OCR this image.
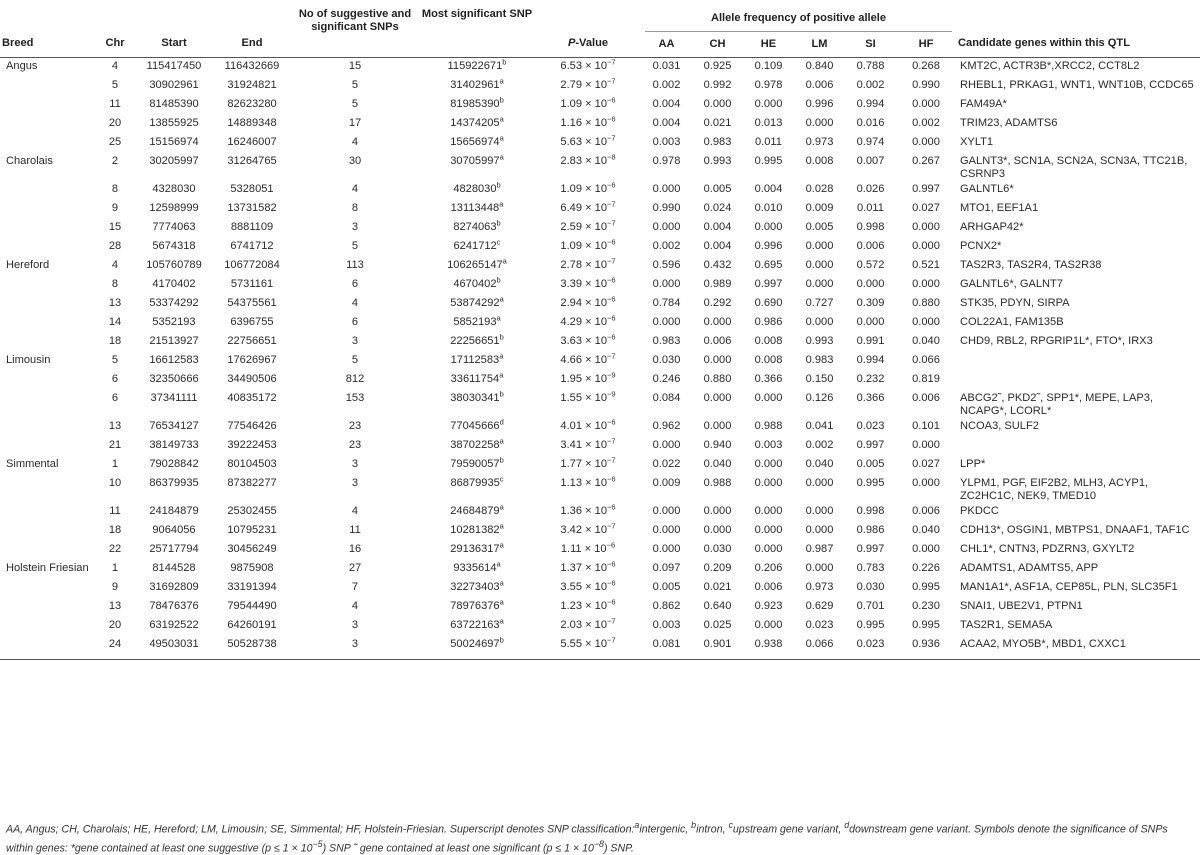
Breed	Chr	Start	End	No of suggestive and significant SNPs	Most significant SNP	P-Value	Allele frequency of positive allele						Candidate genes within this QTL
							AA	CH	HE	LM	SI	HF	
Angus	4	115417450	116432669	15	115922671$^b$	$6.53 \times 10^{-7}$	0.031	0.925	0.109	0.840	0.788	0.268	KMT2C, ACTR3B*,XRCC2, CCT8L2
	5	30902961	31924821	5	31402961$^a$	$2.79 \times 10^{-7}$	0.002	0.992	0.978	0.006	0.002	0.990	RHEBL1, PRKAG1, WNT1, WNT10B, CCDC65
	11	81485390	82623280	5	81985390$^b$	$1.09 \times 10^{-6}$	0.004	0.000	0.000	0.996	0.994	0.000	FAM49A*
	20	13855925	14889348	17	14374205$^a$	$1.16 \times 10^{-6}$	0.004	0.021	0.013	0.000	0.016	0.002	TRIM23, ADAMTS6
	25	15156974	16246007	4	15656974$^a$	$5.63 \times 10^{-7}$	0.003	0.983	0.011	0.973	0.974	0.000	XYLT1
Charolais	2	30205997	31264765	30	30705997$^a$	$2.83 \times 10^{-8}$	0.978	0.993	0.995	0.008	0.007	0.267	GALNT3*, SCN1A, SCN2A, SCN3A, TTC21B, CSRNP3
	8	4328030	5328051	4	4828030$^b$	$1.09 \times 10^{-6}$	0.000	0.005	0.004	0.028	0.026	0.997	GALNTL6*
	9	12598999	13731582	8	13113448$^a$	$6.49 \times 10^{-7}$	0.990	0.024	0.010	0.009	0.011	0.027	MTO1, EEF1A1
	15	7774063	8881109	3	8274063$^b$	$2.59 \times 10^{-7}$	0.000	0.004	0.000	0.005	0.998	0.000	ARHGAP42*
	28	5674318	6741712	5	6241712$^c$	$1.09 \times 10^{-6}$	0.002	0.004	0.996	0.000	0.006	0.000	PCNX2*
Hereford	4	105760789	106772084	113	106265147$^a$	$2.78 \times 10^{-7}$	0.596	0.432	0.695	0.000	0.572	0.521	TAS2R3, TAS2R4, TAS2R38
	8	4170402	5731161	6	4670402$^b$	$3.39 \times 10^{-6}$	0.000	0.989	0.997	0.000	0.000	0.000	GALNTL6*, GALNT7
	13	53374292	54375561	4	53874292$^a$	$2.94 \times 10^{-6}$	0.784	0.292	0.690	0.727	0.309	0.880	STK35, PDYN, SIRPA
	14	5352193	6396755	6	5852193$^a$	$4.29 \times 10^{-6}$	0.000	0.000	0.986	0.000	0.000	0.000	COL22A1, FAM135B
	18	21513927	22756651	3	22256651$^b$	$3.63 \times 10^{-6}$	0.983	0.006	0.008	0.993	0.991	0.040	CHD9, RBL2, RPGRIP1L*, FTO*, IRX3
Limousin	5	16612583	17626967	5	17112583$^a$	$4.66 \times 10^{-7}$	0.030	0.000	0.008	0.983	0.994	0.066	
	6	32350666	34490506	812	33611754$^a$	$1.95 \times 10^{-9}$	0.246	0.880	0.366	0.150	0.232	0.819	
	6	37341111	40835172	153	38030341$^b$	$1.55 \times 10^{-9}$	0.084	0.000	0.000	0.126	0.366	0.006	ABCG2˜, PKD2˜, SPP1*, MEPE, LAP3, NCAPG*, LCORL*
	13	76534127	77546426	23	77045666$^d$	$4.01 \times 10^{-6}$	0.962	0.000	0.988	0.041	0.023	0.101	NCOA3, SULF2
	21	38149733	39222453	23	38702258$^a$	$3.41 \times 10^{-7}$	0.000	0.940	0.003	0.002	0.997	0.000	
Simmental	1	79028842	80104503	3	79590057$^b$	$1.77 \times 10^{-7}$	0.022	0.040	0.000	0.040	0.005	0.027	LPP*
	10	86379935	87382277	3	86879935$^c$	$1.13 \times 10^{-6}$	0.009	0.988	0.000	0.000	0.995	0.000	YLPM1, PGF, EIF2B2, MLH3, ACYP1, ZC2HC1C, NEK9, TMED10
	11	24184879	25302455	4	24684879$^a$	$1.36 \times 10^{-6}$	0.000	0.000	0.000	0.000	0.998	0.006	PKDCC
	18	9064056	10795231	11	10281382$^a$	$3.42 \times 10^{-7}$	0.000	0.000	0.000	0.000	0.986	0.040	CDH13*, OSGIN1, MBTPS1, DNAAF1, TAF1C
	22	25717794	30456249	16	29136317$^a$	$1.11 \times 10^{-6}$	0.000	0.030	0.000	0.987	0.997	0.000	CHL1*, CNTN3, PDZRN3, GXYLT2
Holstein Friesian	1	8144528	9875908	27	9335614$^a$	$1.37 \times 10^{-6}$	0.097	0.209	0.206	0.000	0.783	0.226	ADAMTS1, ADAMTS5, APP
	9	31692809	33191394	7	32273403$^a$	$3.55 \times 10^{-6}$	0.005	0.021	0.006	0.973	0.030	0.995	MAN1A1*, ASF1A, CEP85L, PLN, SLC35F1
	13	78476376	79544490	4	78976376$^a$	$1.23 \times 10^{-6}$	0.862	0.640	0.923	0.629	0.701	0.230	SNAI1, UBE2V1, PTPN1
	20	63192522	64260191	3	63722163$^a$	$2.03 \times 10^{-7}$	0.003	0.025	0.000	0.023	0.995	0.995	TAS2R1, SEMA5A
	24	49503031	50528738	3	50024697$^b$	$5.55 \times 10^{-7}$	0.081	0.901	0.938	0.066	0.023	0.936	ACAA2, MYO5B*, MBD1, CXXC1
AA, Angus; CH, Charolais; HE, Hereford; LM, Limousin; SE, Simmental; HF, Holstein-Friesian. Superscript denotes SNP classification:$^a$intergenic, $^b$intron, $^c$upstream gene variant, $^d$downstream gene variant. Symbols denote the significance of SNPs within genes: *gene contained at least one suggestive $(p \le 1 \times 10^{-5})$ SNP ˜ gene contained at least one significant $(p \le 1 \times 10^{-8})$ SNP.
